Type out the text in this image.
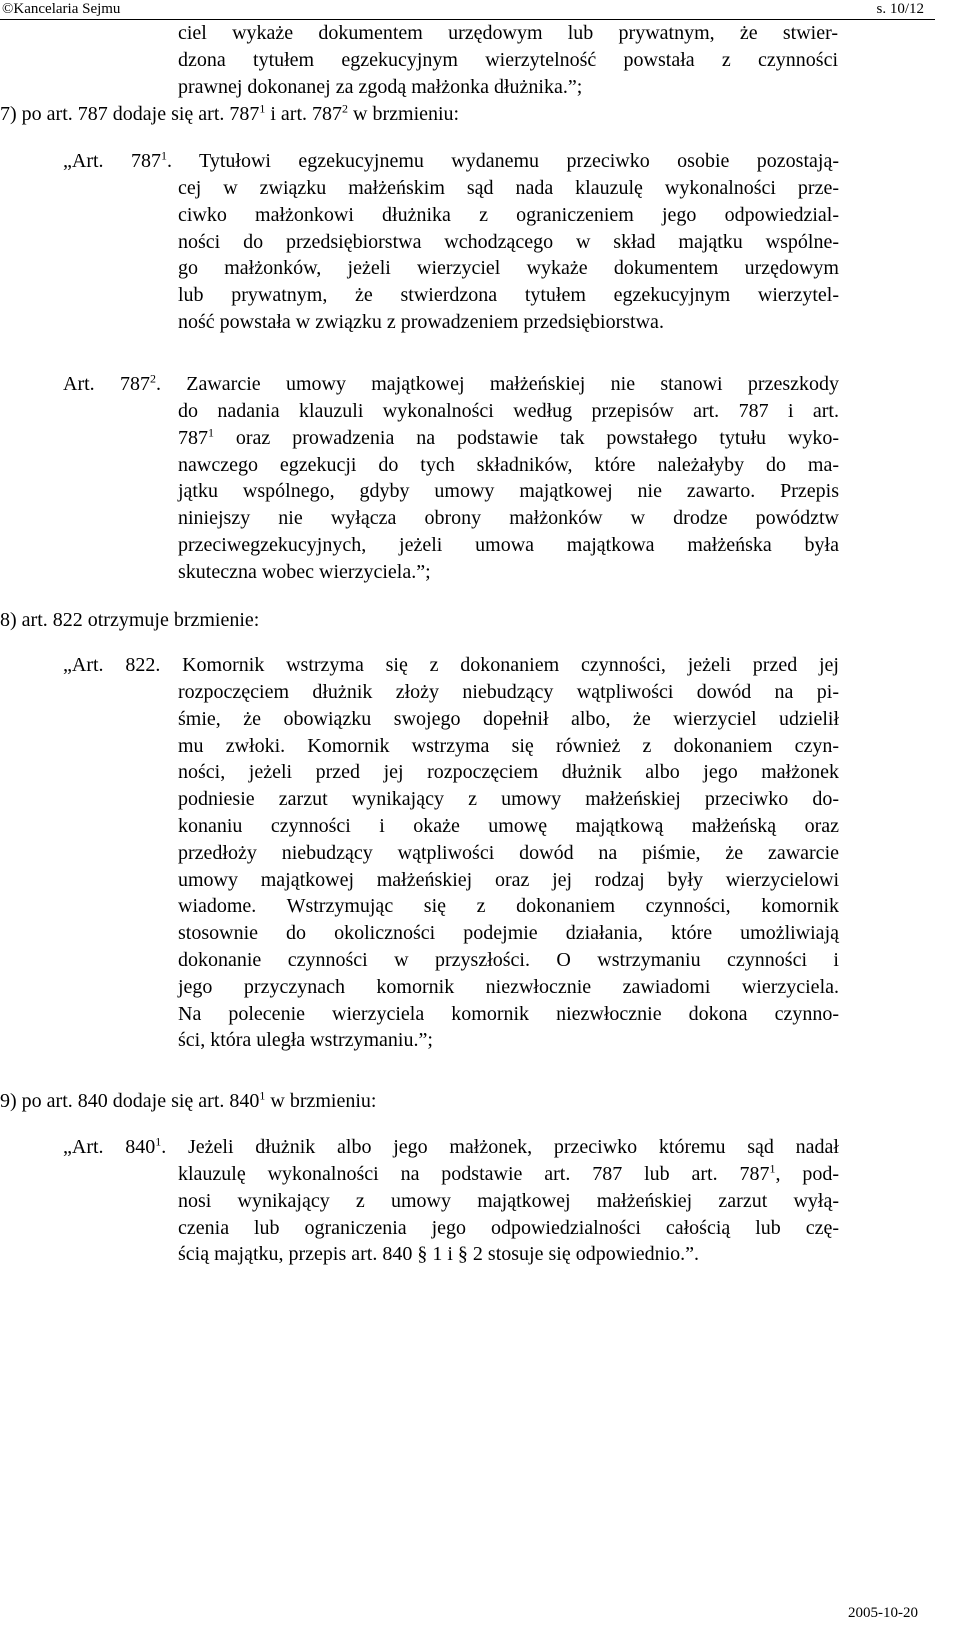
©Kancelaria Sejmu	s. 10/12
ciel wykaże dokumentem urzędowym lub prywatnym, że stwier-
dzona tytułem egzekucyjnym wierzytelność powstała z czynności
prawnej dokonanej za zgodą małżonka dłużnika.”;
7) po art. 787 dodaje się art. $787^1$ i art. $787^2$ w brzmieniu:
„Art. $787^1$. Tytułowi egzekucyjnemu wydanemu przeciwko osobie pozostają-
cej w związku małżeńskim sąd nada klauzulę wykonalności prze-
ciwko małżonkowi dłużnika z ograniczeniem jego odpowiedzial-
ności do przedsiębiorstwa wchodzącego w skład majątku wspólne-
go małżonków, jeżeli wierzyciel wykaże dokumentem urzędowym
lub prywatnym, że stwierdzona tytułem egzekucyjnym wierzytel-
ność powstała w związku z prowadzeniem przedsiębiorstwa.
Art. $787^2$. Zawarcie umowy majątkowej małżeńskiej nie stanowi przeszkody
do nadania klauzuli wykonalności według przepisów art. 787 i art.
$787^1$ oraz prowadzenia na podstawie tak powstałego tytułu wyko-
nawczego egzekucji do tych składników, które należałyby do ma-
jątku wspólnego, gdyby umowy majątkowej nie zawarto. Przepis
niniejszy nie wyłącza obrony małżonków w drodze powództw
przeciwegzekucyjnych, jeżeli umowa majątkowa małżeńska była
skuteczna wobec wierzyciela.”;
8) art. 822 otrzymuje brzmienie:
„Art. 822. Komornik wstrzyma się z dokonaniem czynności, jeżeli przed jej
rozpoczęciem dłużnik złoży niebudzący wątpliwości dowód na pi-
śmie, że obowiązku swojego dopełnił albo, że wierzyciel udzielił
mu zwłoki. Komornik wstrzyma się również z dokonaniem czyn-
ności, jeżeli przed jej rozpoczęciem dłużnik albo jego małżonek
podniesie zarzut wynikający z umowy małżeńskiej przeciwko do-
konaniu czynności i okaże umowę majątkową małżeńską oraz
przedłoży niebudzący wątpliwości dowód na piśmie, że zawarcie
umowy majątkowej małżeńskiej oraz jej rodzaj były wierzycielowi
wiadome. Wstrzymując się z dokonaniem czynności, komornik
stosownie do okoliczności podejmie działania, które umożliwiają
dokonanie czynności w przyszłości. O wstrzymaniu czynności i
jego przyczynach komornik niezwłocznie zawiadomi wierzyciela.
Na polecenie wierzyciela komornik niezwłocznie dokona czynno-
ści, która uległa wstrzymaniu.”;
9) po art. 840 dodaje się art. $840^1$ w brzmieniu:
„Art. $840^1$. Jeżeli dłużnik albo jego małżonek, przeciwko któremu sąd nadał
klauzulę wykonalności na podstawie art. 787 lub art. $787^1$, pod-
nosi wynikający z umowy majątkowej małżeńskiej zarzut wyłą-
czenia lub ograniczenia jego odpowiedzialności całością lub czę-
ścią majątku, przepis art. 840 § 1 i § 2 stosuje się odpowiednio.”.
2005-10-20
